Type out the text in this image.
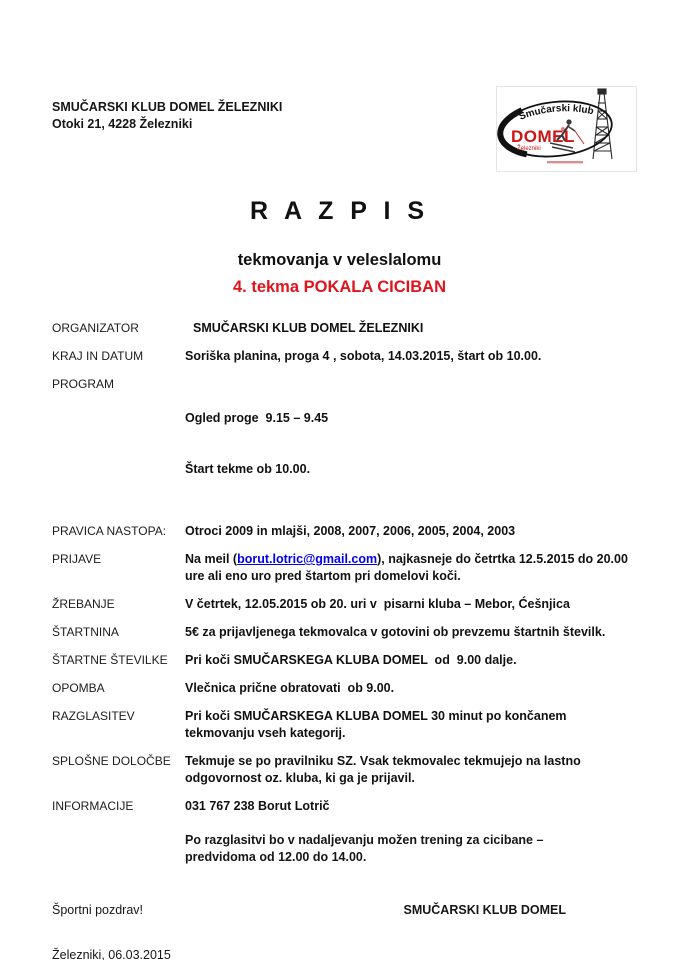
SMUČARSKI KLUB DOMEL ŽELEZNIKI
Otoki 21, 4228 Železniki
Smučarski klub
DOMEL
Železniki
R A Z P I S
tekmovanja v veleslalomu
4. tekma POKALA CICIBAN
ORGANIZATOR	SMUČARSKI KLUB DOMEL ŽELEZNIKI
KRAJ IN DATUM	Soriška planina, proga 4 , sobota, 14.03.2015, štart ob 10.00.
PROGRAM

Ogled proge  9.15 – 9.45

Štart tekme ob 10.00.

PRAVICA NASTOPA:	Otroci 2009 in mlajši, 2008, 2007, 2006, 2005, 2004, 2003
PRIJAVE	Na meil (borut.lotric@gmail.com), najkasneje do četrtka 12.5.2015 do 20.00 ure ali eno uro pred štartom pri domelovi koči.
ŽREBANJE	V četrtek, 12.05.2015 ob 20. uri v  pisarni kluba – Mebor, Ćešnjica
ŠTARTNINA	5€ za prijavljenega tekmovalca v gotovini ob prevzemu štartnih številk.
ŠTARTNE ŠTEVILKE	Pri koči SMUČARSKEGA KLUBA DOMEL  od  9.00 dalje.
OPOMBA	Vlečnica prične obratovati  ob 9.00.
RAZGLASITEV	Pri koči SMUČARSKEGA KLUBA DOMEL 30 minut po končanem tekmovanju vseh kategorij.
SPLOŠNE DOLOČBE	Tekmuje se po pravilniku SZ. Vsak tekmovalec tekmujejo na lastno odgovornost oz. kluba, ki ga je prijavil.
INFORMACIJE	031 767 238 Borut Lotrič
Po razglasitvi bo v nadaljevanju možen trening za cicibane – predvidoma od 12.00 do 14.00.
Športni pozdrav!	SMUČARSKI KLUB DOMEL
Železniki, 06.03.2015
